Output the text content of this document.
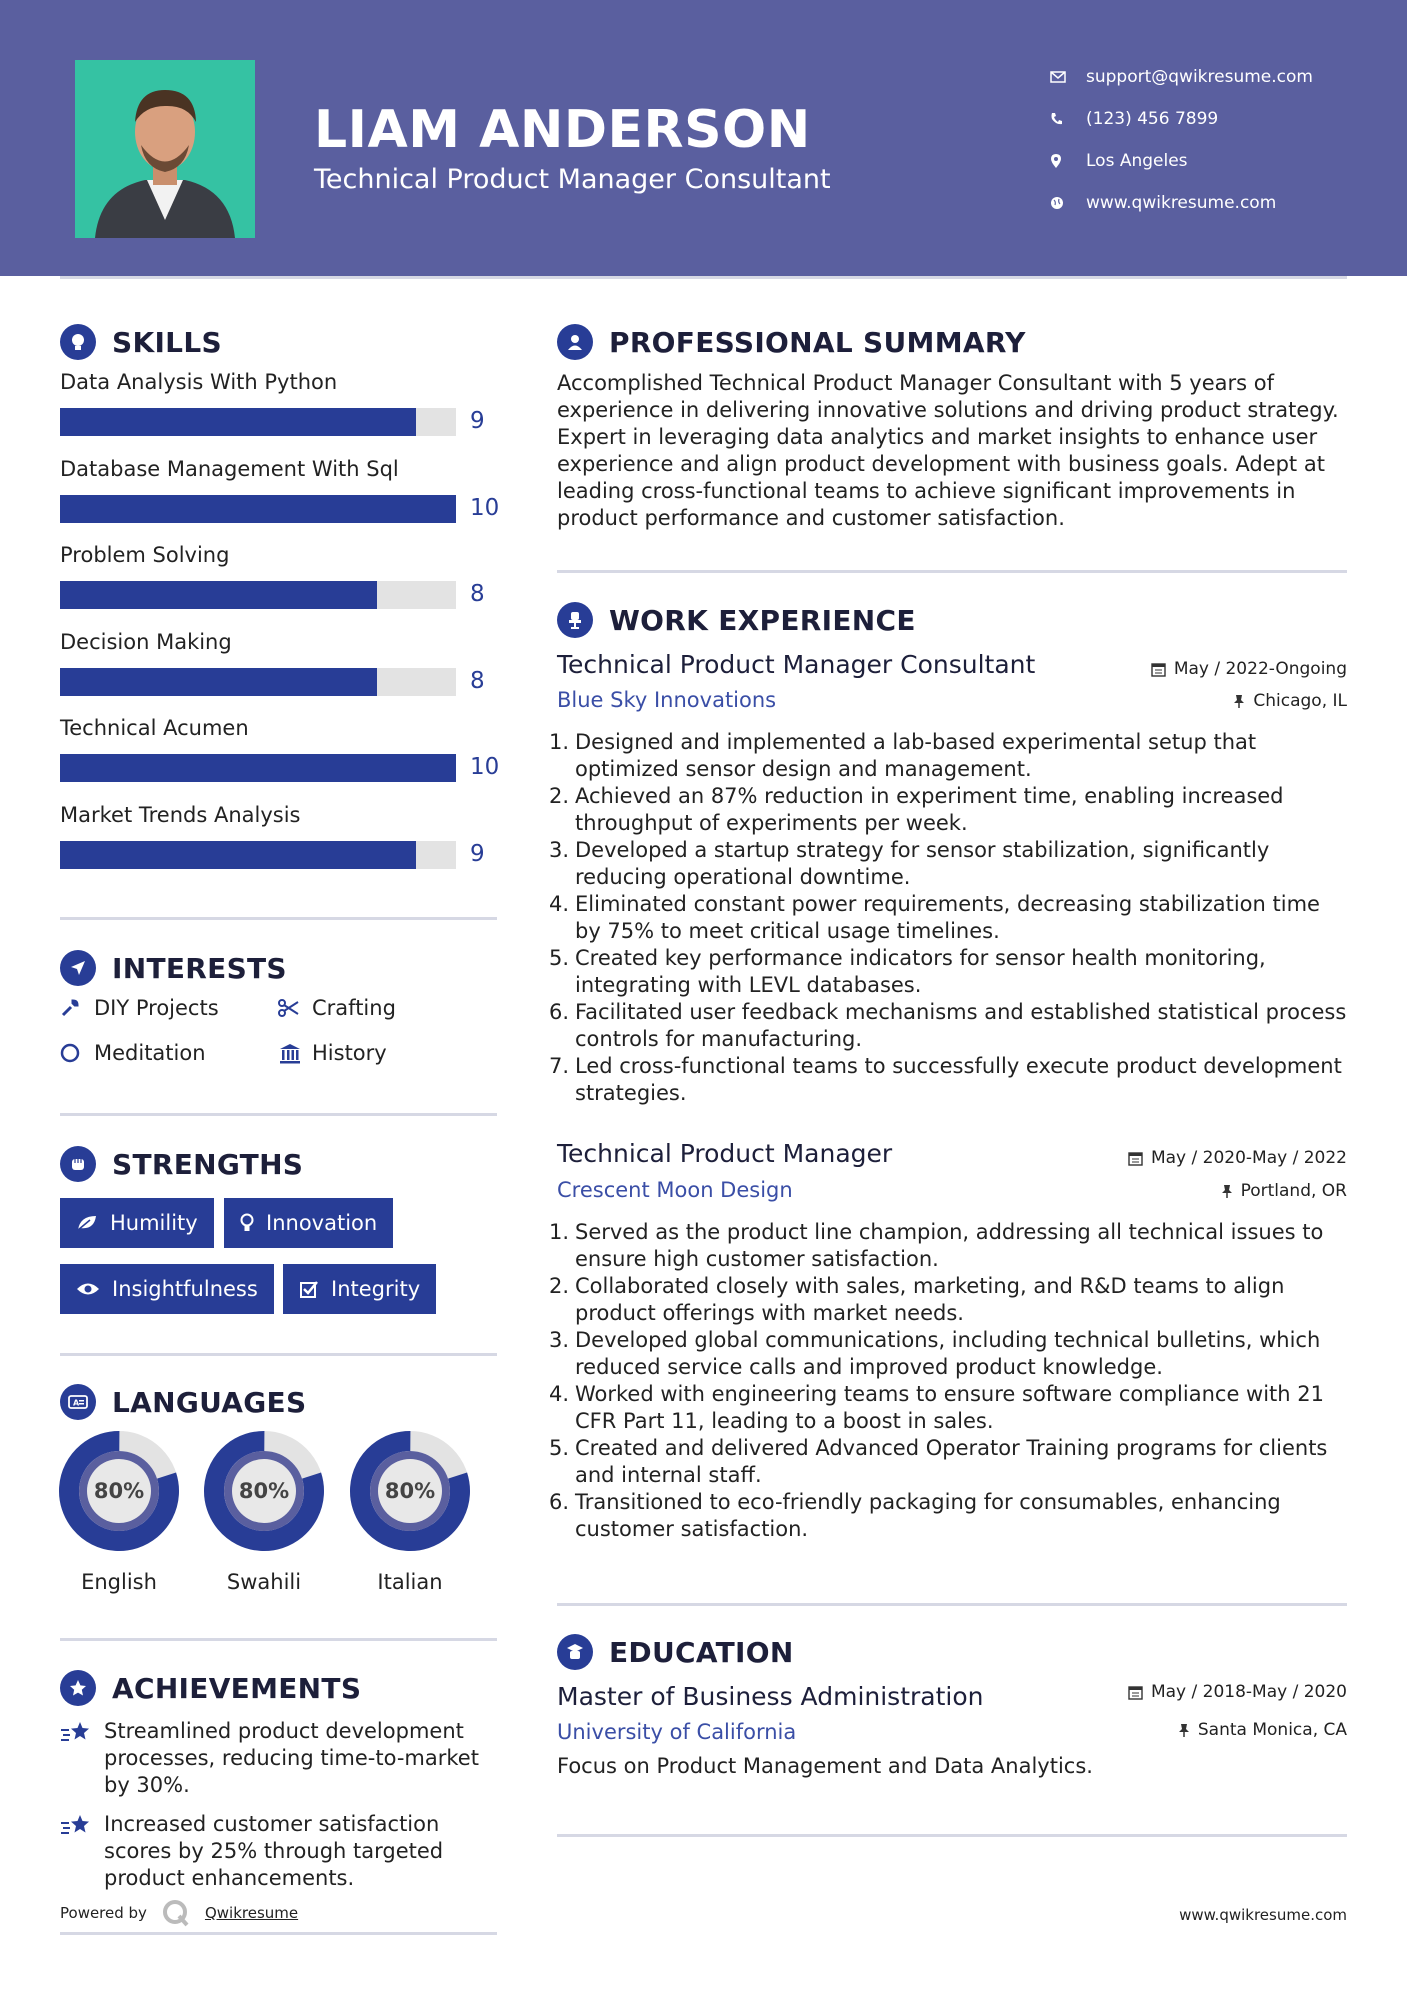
LIAM ANDERSON
Technical Product Manager Consultant
support@qwikresume.com
(123) 456 7899
Los Angeles
www.qwikresume.com
SKILLS
Data Analysis With Python
9
Database Management With Sql
10
Problem Solving
8
Decision Making
8
Technical Acumen
10
Market Trends Analysis
9
INTERESTS
DIY Projects	Crafting
Meditation	History
STRENGTHS
Humility	Innovation
Insightfulness	Integrity
A LANGUAGES
80%
English
80%
Swahili
80%
Italian
ACHIEVEMENTS
Streamlined product development processes, reducing time-to-market by 30%.
Increased customer satisfaction scores by 25% through targeted product enhancements.
Powered by	Qwikresume
PROFESSIONAL SUMMARY
Accomplished Technical Product Manager Consultant with 5 years of experience in delivering innovative solutions and driving product strategy. Expert in leveraging data analytics and market insights to enhance user experience and align product development with business goals. Adept at leading cross-functional teams to achieve significant improvements in product performance and customer satisfaction.
WORK EXPERIENCE
Technical Product Manager Consultant	May / 2022-Ongoing
Blue Sky Innovations	Chicago, IL
1. Designed and implemented a lab-based experimental setup that optimized sensor design and management.
2. Achieved an 87% reduction in experiment time, enabling increased throughput of experiments per week.
3. Developed a startup strategy for sensor stabilization, significantly reducing operational downtime.
4. Eliminated constant power requirements, decreasing stabilization time by 75% to meet critical usage timelines.
5. Created key performance indicators for sensor health monitoring, integrating with LEVL databases.
6. Facilitated user feedback mechanisms and established statistical process controls for manufacturing.
7. Led cross-functional teams to successfully execute product development strategies.
Technical Product Manager	May / 2020-May / 2022
Crescent Moon Design	Portland, OR
1. Served as the product line champion, addressing all technical issues to ensure high customer satisfaction.
2. Collaborated closely with sales, marketing, and R&D teams to align product offerings with market needs.
3. Developed global communications, including technical bulletins, which reduced service calls and improved product knowledge.
4. Worked with engineering teams to ensure software compliance with 21 CFR Part 11, leading to a boost in sales.
5. Created and delivered Advanced Operator Training programs for clients and internal staff.
6. Transitioned to eco-friendly packaging for consumables, enhancing customer satisfaction.
EDUCATION
Master of Business Administration	May / 2018-May / 2020
University of California	Santa Monica, CA
Focus on Product Management and Data Analytics.
www.qwikresume.com
